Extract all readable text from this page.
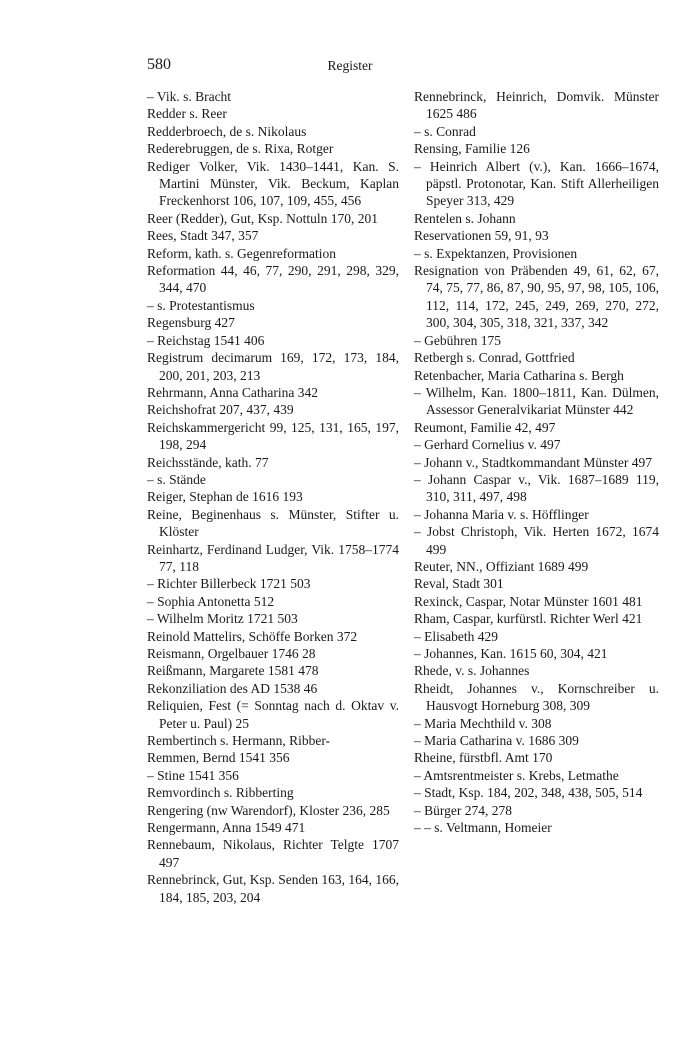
580	Register

– Vik. s. Bracht

Redder s. Reer

Redderbroech, de s. Nikolaus

Rederebruggen, de s. Rixa, Rotger

Rediger Volker, Vik. 1430–1441, Kan. S. Martini Münster, Vik. Beckum, Kaplan Freckenhorst 106, 107, 109, 455, 456

Reer (Redder), Gut, Ksp. Nottuln 170, 201

Rees, Stadt 347, 357

Reform, kath. s. Gegenreformation

Reformation 44, 46, 77, 290, 291, 298, 329, 344, 470

– s. Protestantismus

Regensburg 427

– Reichstag 1541 406

Registrum decimarum 169, 172, 173, 184, 200, 201, 203, 213

Rehrmann, Anna Catharina 342

Reichshofrat 207, 437, 439

Reichskammergericht 99, 125, 131, 165, 197, 198, 294

Reichsstände, kath. 77

– s. Stände

Reiger, Stephan de 1616 193

Reine, Beginenhaus s. Münster, Stifter u. Klöster

Reinhartz, Ferdinand Ludger, Vik. 1758–1774 77, 118

– Richter Billerbeck 1721 503

– Sophia Antonetta 512

– Wilhelm Moritz 1721 503

Reinold Mattelirs, Schöffe Borken 372

Reismann, Orgelbauer 1746 28

Reißmann, Margarete 1581 478

Rekonziliation des AD 1538 46

Reliquien, Fest (= Sonntag nach d. Oktav v. Peter u. Paul) 25

Rembertinch s. Hermann, Ribber-

Remmen, Bernd 1541 356

– Stine 1541 356

Remvordinch s. Ribberting

Rengering (nw Warendorf), Kloster 236, 285

Rengermann, Anna 1549 471

Rennebaum, Nikolaus, Richter Telgte 1707 497

Rennebrinck, Gut, Ksp. Senden 163, 164, 166, 184, 185, 203, 204

Rennebrinck, Heinrich, Domvik. Münster 1625 486

– s. Conrad

Rensing, Familie 126

– Heinrich Albert (v.), Kan. 1666–1674, päpstl. Protonotar, Kan. Stift Allerheiligen Speyer 313, 429

Rentelen s. Johann

Reservationen 59, 91, 93

– s. Expektanzen, Provisionen

Resignation von Präbenden 49, 61, 62, 67, 74, 75, 77, 86, 87, 90, 95, 97, 98, 105, 106, 112, 114, 172, 245, 249, 269, 270, 272, 300, 304, 305, 318, 321, 337, 342

– Gebühren 175

Retbergh s. Conrad, Gottfried

Retenbacher, Maria Catharina s. Bergh

– Wilhelm, Kan. 1800–1811, Kan. Dülmen, Assessor Generalvikariat Münster 442

Reumont, Familie 42, 497

– Gerhard Cornelius v. 497

– Johann v., Stadtkommandant Münster 497

– Johann Caspar v., Vik. 1687–1689 119, 310, 311, 497, 498

– Johanna Maria v. s. Höfflinger

– Jobst Christoph, Vik. Herten 1672, 1674 499

Reuter, NN., Offiziant 1689 499

Reval, Stadt 301

Rexinck, Caspar, Notar Münster 1601 481

Rham, Caspar, kurfürstl. Richter Werl 421

– Elisabeth 429

– Johannes, Kan. 1615 60, 304, 421

Rhede, v. s. Johannes

Rheidt, Johannes v., Kornschreiber u. Hausvogt Horneburg 308, 309

– Maria Mechthild v. 308

– Maria Catharina v. 1686 309

Rheine, fürstbfl. Amt 170

– Amtsrentmeister s. Krebs, Letmathe

– Stadt, Ksp. 184, 202, 348, 438, 505, 514

– Bürger 274, 278

– – s. Veltmann, Homeier
